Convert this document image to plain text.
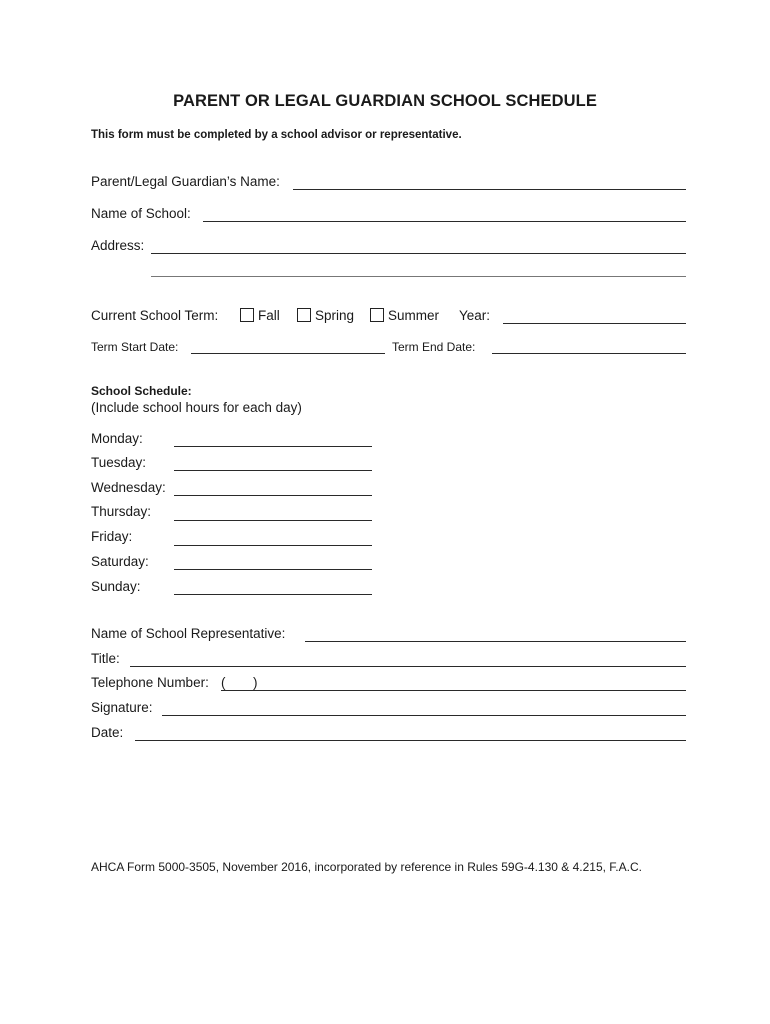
PARENT OR LEGAL GUARDIAN SCHOOL SCHEDULE
This form must be completed by a school advisor or representative.
Parent/Legal Guardian’s Name:
Name of School:
Address:
Current School Term:	Fall	Spring	Summer Year:
Term Start Date:	Term End Date:
School Schedule:
(Include school hours for each day)
Monday:
Tuesday:
Wednesday:
Thursday:
Friday:
Saturday:
Sunday:
Name of School Representative:
Title:
Telephone Number: ( )
Signature:
Date:
AHCA Form 5000-3505, November 2016, incorporated by reference in Rules 59G-4.130 & 4.215, F.A.C.
